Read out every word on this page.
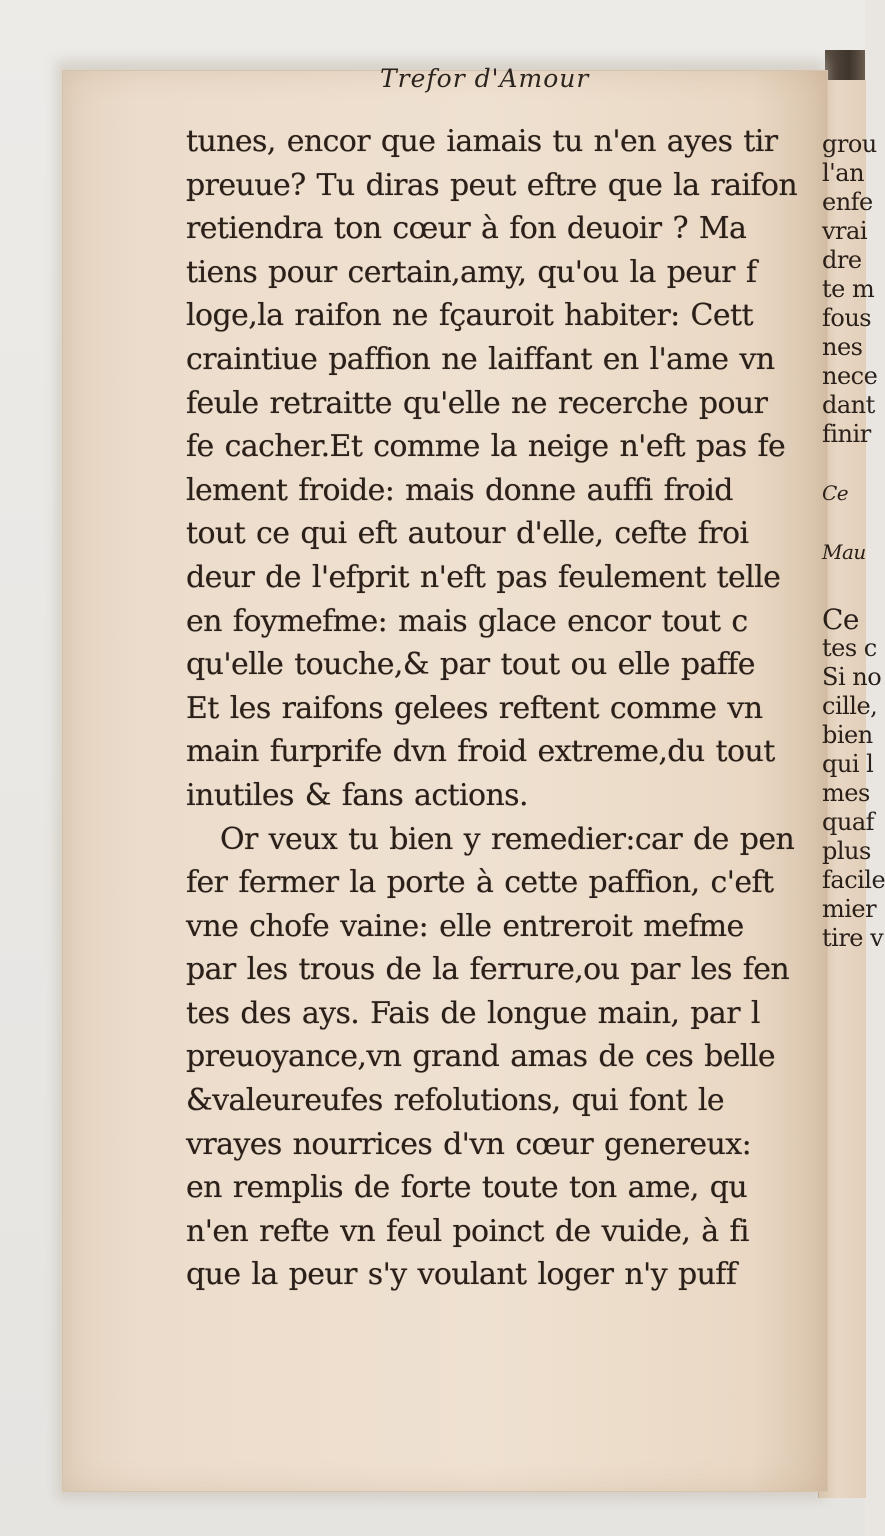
Trefor d'Amour
tunes, encor que iamais tu n'en ayes tir
preuue? Tu diras peut eftre que la raifon
retiendra ton cœur à fon deuoir ? Ma
tiens pour certain,amy, qu'ou la peur f
loge,la raifon ne fçauroit habiter: Cett
craintiue paffion ne laiffant en l'ame vn
feule retraitte qu'elle ne recerche pour
fe cacher.Et comme la neige n'eft pas fe
lement froide: mais donne auffi froid
tout ce qui eft autour d'elle, cefte froi
deur de l'efprit n'eft pas feulement telle
en foymefme: mais glace encor tout c
qu'elle touche,& par tout ou elle paffe
Et les raifons gelees reftent comme vn
main furprife dvn froid extreme,du tout
inutiles & fans actions.
Or veux tu bien y remedier:car de pen
fer fermer la porte à cette paffion, c'eft
vne chofe vaine: elle entreroit mefme
par les trous de la ferrure,ou par les fen
tes des ays. Fais de longue main, par l
preuoyance,vn grand amas de ces belle
&valeureufes refolutions, qui font le
vrayes nourrices d'vn cœur genereux:
en remplis de forte toute ton ame, qu
n'en refte vn feul poinct de vuide, à fi
que la peur s'y voulant loger n'y puff
grou
l'an
enfe
vrai
dre
te m
fous
nes
nece
dant
finir
Ce
Mau
Ce
tes c
Si no
cille,
bien
qui l
mes
quaf
plus
facile
mier
tire v
